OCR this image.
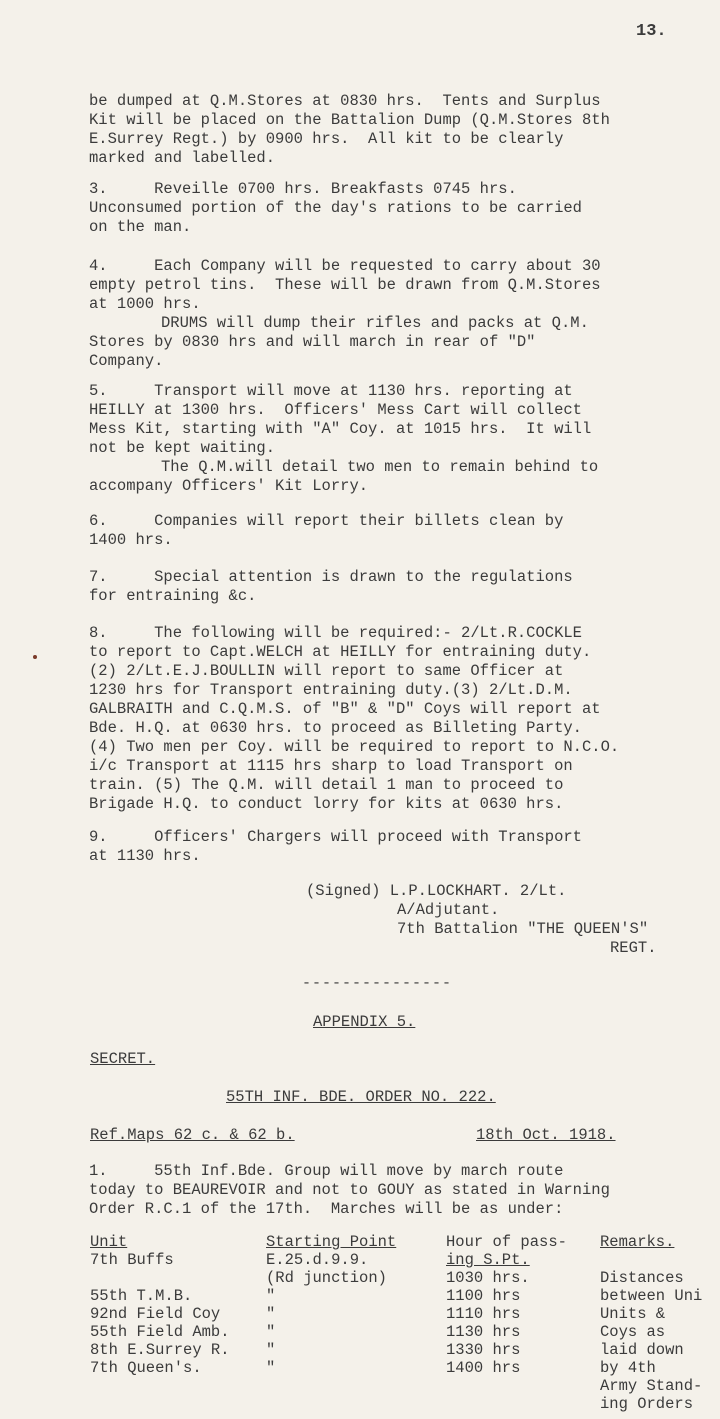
13.
be dumped at Q.M.Stores at 0830 hrs.  Tents and Surplus
Kit will be placed on the Battalion Dump (Q.M.Stores 8th
E.Surrey Regt.) by 0900 hrs.  All kit to be clearly
marked and labelled.
3.     Reveille 0700 hrs. Breakfasts 0745 hrs.
Unconsumed portion of the day's rations to be carried
on the man.
4.     Each Company will be requested to carry about 30
empty petrol tins.  These will be drawn from Q.M.Stores
at 1000 hrs.
DRUMS will dump their rifles and packs at Q.M.
Stores by 0830 hrs and will march in rear of "D"
Company.
5.     Transport will move at 1130 hrs. reporting at
HEILLY at 1300 hrs.  Officers' Mess Cart will collect
Mess Kit, starting with "A" Coy. at 1015 hrs.  It will
not be kept waiting.
The Q.M.will detail two men to remain behind to
accompany Officers' Kit Lorry.
6.     Companies will report their billets clean by
1400 hrs.
7.     Special attention is drawn to the regulations
for entraining &c.
8.     The following will be required:- 2/Lt.R.COCKLE
to report to Capt.WELCH at HEILLY for entraining duty.
(2) 2/Lt.E.J.BOULLIN will report to same Officer at
1230 hrs for Transport entraining duty.(3) 2/Lt.D.M.
GALBRAITH and C.Q.M.S. of "B" & "D" Coys will report at
Bde. H.Q. at 0630 hrs. to proceed as Billeting Party.
(4) Two men per Coy. will be required to report to N.C.O.
i/c Transport at 1115 hrs sharp to load Transport on
train. (5) The Q.M. will detail 1 man to proceed to
Brigade H.Q. to conduct lorry for kits at 0630 hrs.
9.     Officers' Chargers will proceed with Transport
at 1130 hrs.
(Signed) L.P.LOCKHART. 2/Lt.
A/Adjutant.
7th Battalion "THE QUEEN'S"
REGT.
---------------
APPENDIX 5.
SECRET.
55TH INF. BDE. ORDER NO. 222.
Ref.Maps 62 c. & 62 b.	18th Oct. 1918.
1.     55th Inf.Bde. Group will move by march route
today to BEAUREVOIR and not to GOUY as stated in Warning
Order R.C.1 of the 17th.  Marches will be as under:
Unit
7th Buffs
55th T.M.B.
92nd Field Coy
55th Field Amb.
8th E.Surrey R.
7th Queen's.
Starting Point
E.25.d.9.9.
(Rd junction)
"
"
"
"
"
Hour of pass-
ing S.Pt.
1030 hrs.
1100 hrs
1110 hrs
1130 hrs
1330 hrs
1400 hrs
Remarks.
Distances
between Uni
Units &
Coys as
laid down
by 4th
Army Stand-
ing Orders
